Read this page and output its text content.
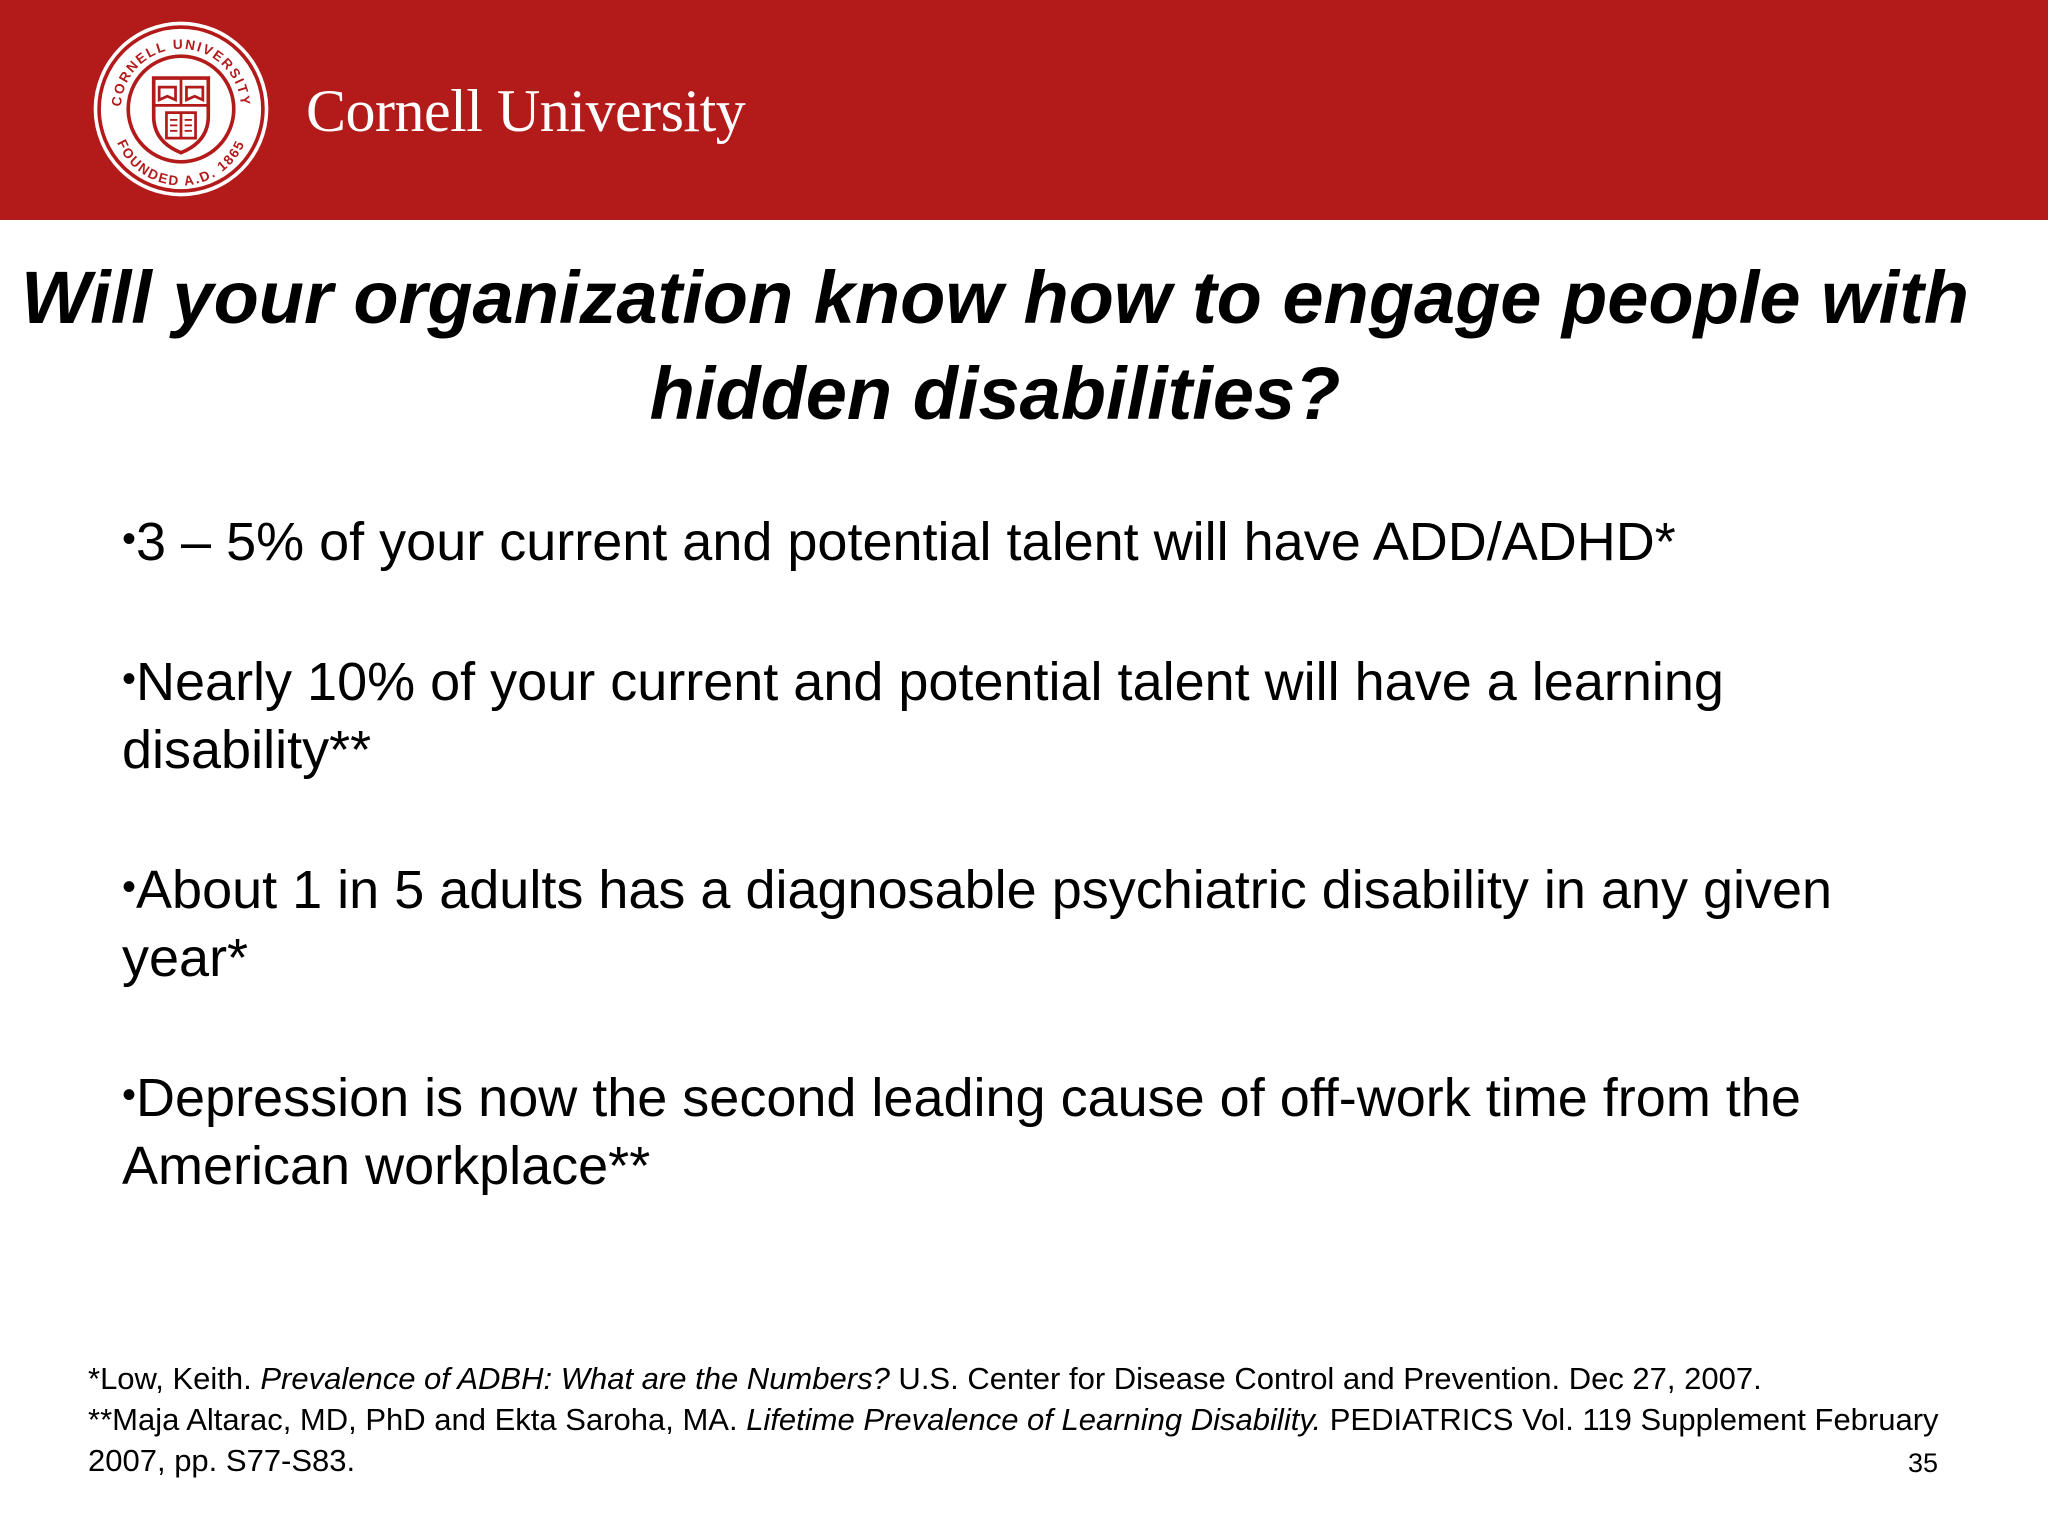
CORNELL UNIVERSITY
FOUNDED A.D. 1865
Cornell University
Will your organization know how to engage people with hidden disabilities?
•3 – 5% of your current and potential talent will have ADD/ADHD*
•Nearly 10% of your current and potential talent will have a learning disability**
•About 1 in 5 adults has a diagnosable psychiatric disability in any given year*
•Depression is now the second leading cause of off-work time from the American workplace**

*Low, Keith. Prevalence of ADBH: What are the Numbers? U.S. Center for Disease Control and Prevention. Dec 27, 2007.

**Maja Altarac, MD, PhD and Ekta Saroha, MA. Lifetime Prevalence of Learning Disability. PEDIATRICS Vol. 119 Supplement February 2007, pp. S77-S83.	35
